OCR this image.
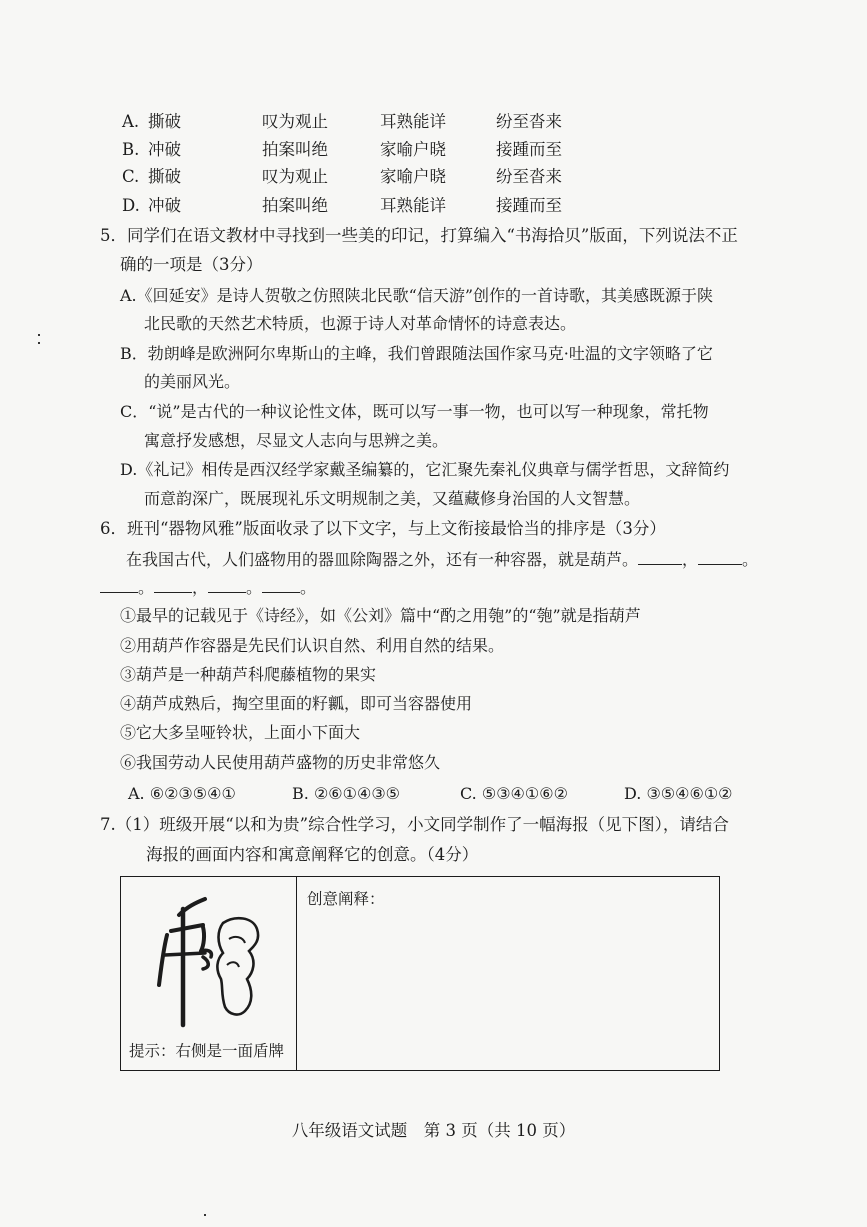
A. 撕破	叹为观止	耳熟能详	纷至沓来
B. 冲破	拍案叫绝	家喻户晓	接踵而至
C. 撕破	叹为观止	家喻户晓	纷至沓来
D. 冲破	拍案叫绝	耳熟能详	接踵而至
5．同学们在语文教材中寻找到一些美的印记，打算编入“书海拾贝”版面，下列说法不正
确的一项是（3分）
A.《回延安》是诗人贺敬之仿照陕北民歌“信天游”创作的一首诗歌，其美感既源于陕
北民歌的天然艺术特质，也源于诗人对革命情怀的诗意表达。
B．勃朗峰是欧洲阿尔卑斯山的主峰，我们曾跟随法国作家马克·吐温的文字领略了它
的美丽风光。
C．“说”是古代的一种议论性文体，既可以写一事一物，也可以写一种现象，常托物
寓意抒发感想，尽显文人志向与思辨之美。
D.《礼记》相传是西汉经学家戴圣编纂的，它汇聚先秦礼仪典章与儒学哲思，文辞简约
而意韵深广，既展现礼乐文明规制之美，又蕴藏修身治国的人文智慧。
6．班刊“器物风雅”版面收录了以下文字，与上文衔接最恰当的排序是（3分）
在我国古代，人们盛物用的器皿除陶器之外，还有一种容器，就是葫芦。	，	。
。 ， 。 。
①最早的记载见于《诗经》，如《公刘》篇中“酌之用匏”的“匏”就是指葫芦
②用葫芦作容器是先民们认识自然、利用自然的结果。
③葫芦是一种葫芦科爬藤植物的果实
④葫芦成熟后，掏空里面的籽瓤，即可当容器使用
⑤它大多呈哑铃状，上面小下面大
⑥我国劳动人民使用葫芦盛物的历史非常悠久
A. ⑥②③⑤④①	B. ②⑥①④③⑤	C. ⑤③④①⑥②	D. ③⑤④⑥①②
7.（1）班级开展“以和为贵”综合性学习，小文同学制作了一幅海报（见下图），请结合
海报的画面内容和寓意阐释它的创意。（4分）
提示：右侧是一面盾牌
创意阐释：
八年级语文试题　第 3 页（共 10 页）
